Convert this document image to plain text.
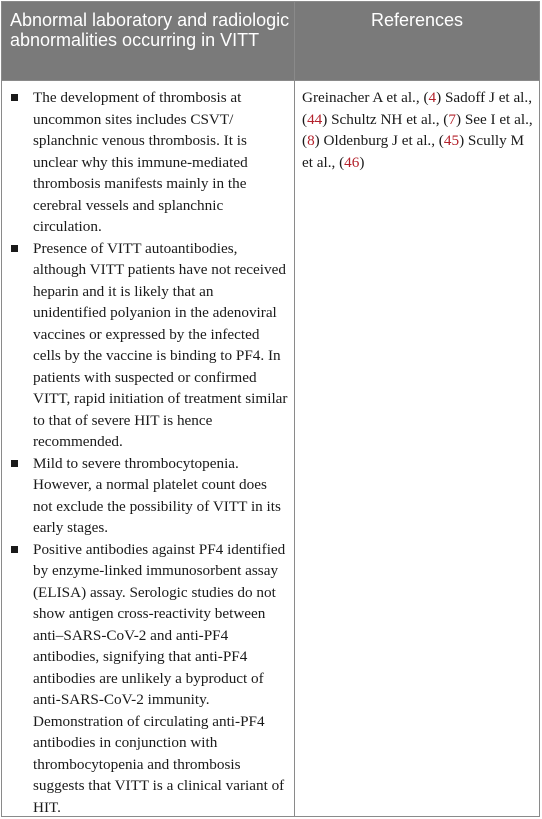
Abnormal laboratory and radiologic abnormalities occurring in VITT
References
The development of thrombosis at uncommon sites includes CSVT/ splanchnic venous thrombosis. It is unclear why this immune-mediated thrombosis manifests mainly in the cerebral vessels and splanchnic circulation.
Presence of VITT autoantibodies, although VITT patients have not received heparin and it is likely that an unidentified polyanion in the adenoviral vaccines or expressed by the infected cells by the vaccine is binding to PF4. In patients with suspected or confirmed VITT, rapid initiation of treatment similar to that of severe HIT is hence recommended.
Mild to severe thrombocytopenia. However, a normal platelet count does not exclude the possibility of VITT in its early stages.
Positive antibodies against PF4 identified by enzyme-linked immunosorbent assay (ELISA) assay. Serologic studies do not show antigen cross-reactivity between anti–SARS-CoV-2 and anti-PF4 antibodies, signifying that anti-PF4 antibodies are unlikely a byproduct of anti-SARS-CoV-2 immunity. Demonstration of circulating anti-PF4 antibodies in conjunction with thrombocytopenia and thrombosis suggests that VITT is a clinical variant of HIT.
Greinacher A et al., (4) Sadoff J et al., (44) Schultz NH et al., (7) See I et al., (8) Oldenburg J et al., (45) Scully M et al., (46)
